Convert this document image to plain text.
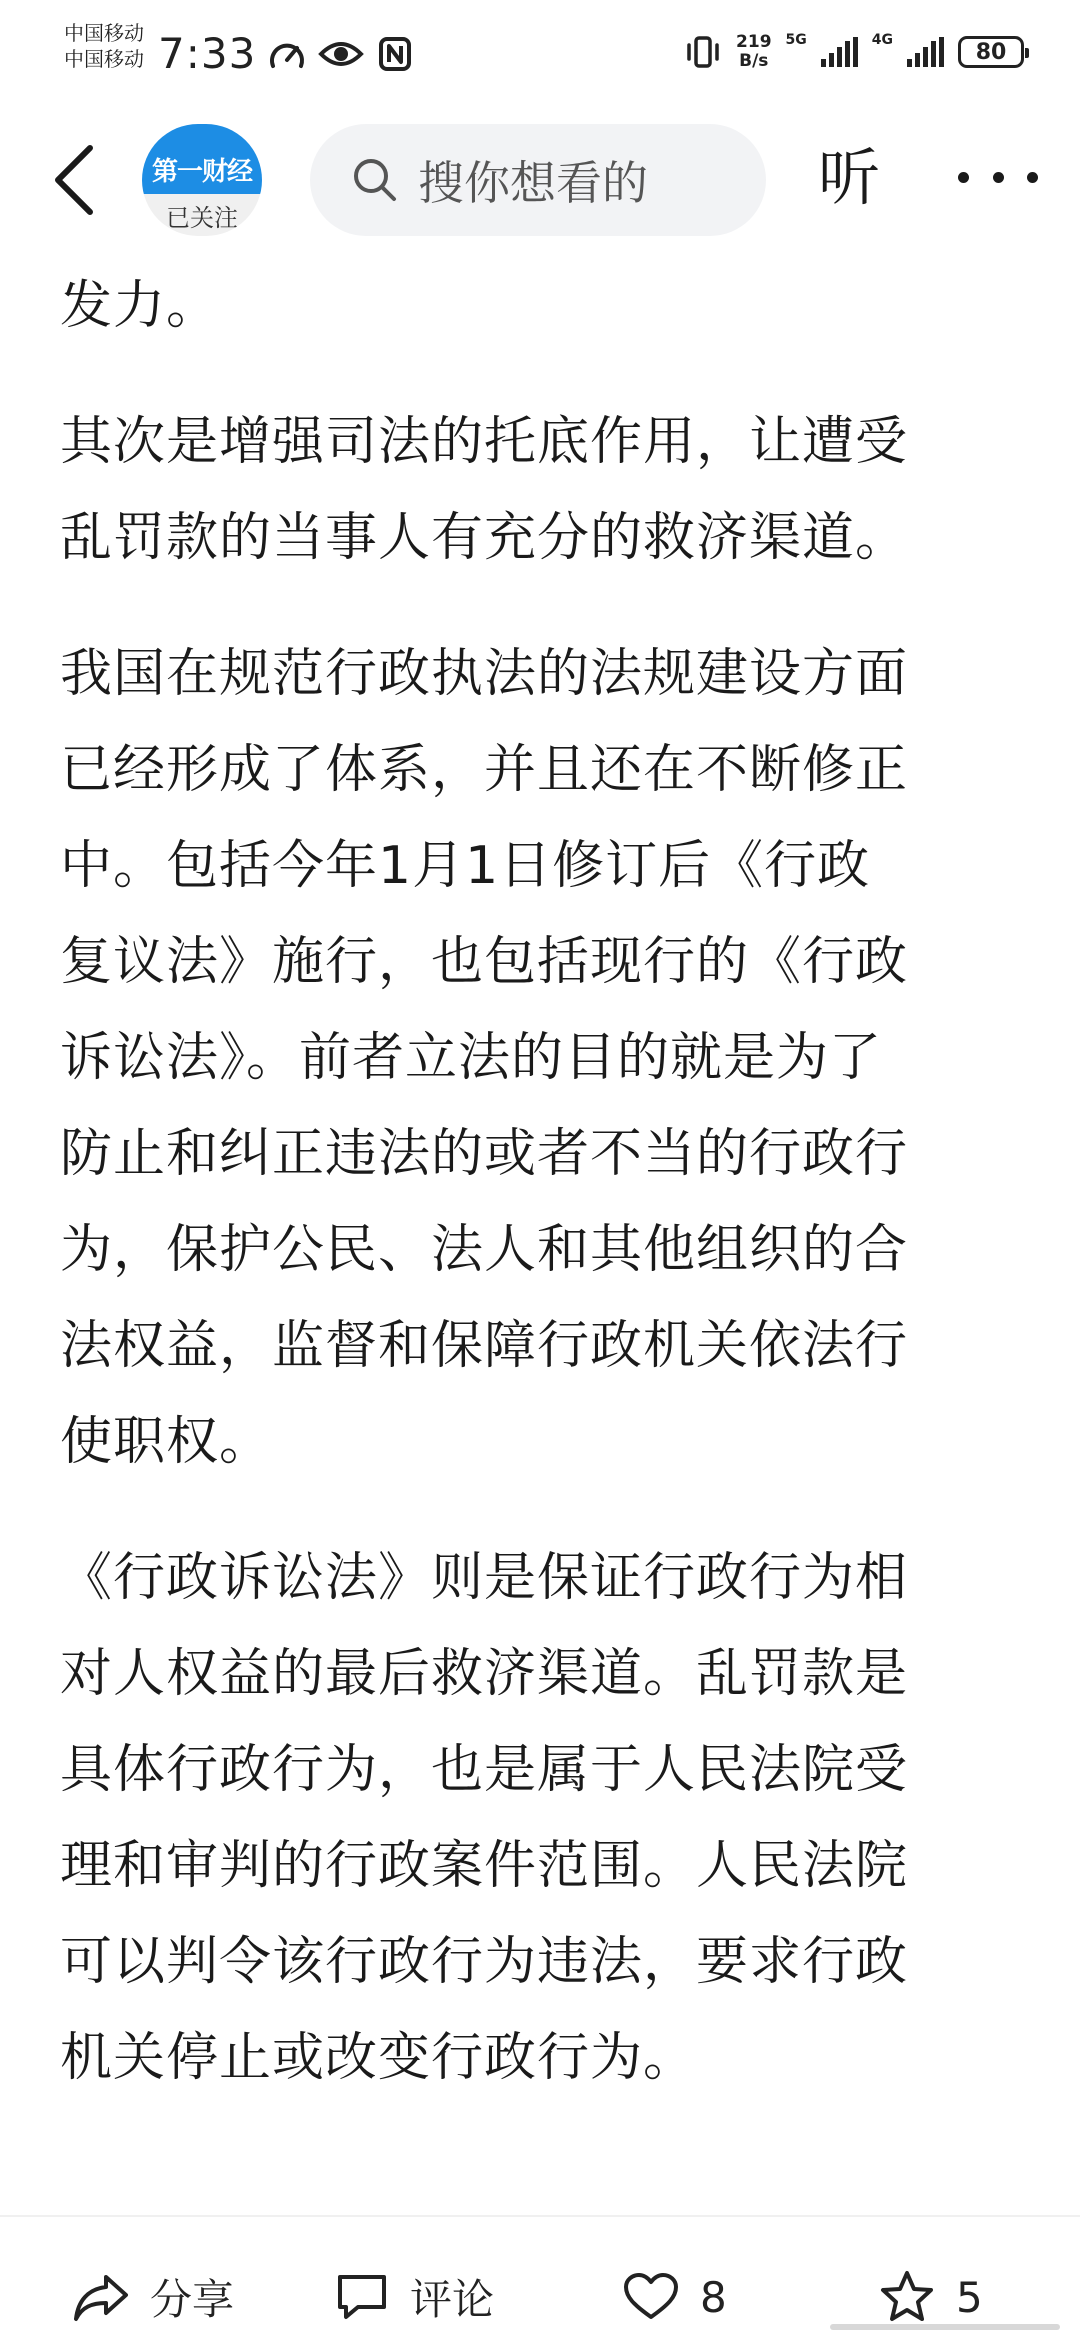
中国移动
中国移动 7:33	219
B/s
5G	4G	80
第一财经
已关注
搜你想看的	听

发力。

其次是增强司法的托底作用，让遭受
乱罚款的当事人有充分的救济渠道。

我国在规范行政执法的法规建设方面
已经形成了体系，并且还在不断修正
中。包括今年1月1日修订后《行政
复议法》施行，也包括现行的《行政
诉讼法》。前者立法的目的就是为了
防止和纠正违法的或者不当的行政行
为，保护公民、法人和其他组织的合
法权益，监督和保障行政机关依法行
使职权。

《行政诉讼法》则是保证行政行为相
对人权益的最后救济渠道。乱罚款是
具体行政行为，也是属于人民法院受
理和审判的行政案件范围。人民法院
可以判令该行政行为违法，要求行政
机关停止或改变行政行为。

分享	评论	8	5
